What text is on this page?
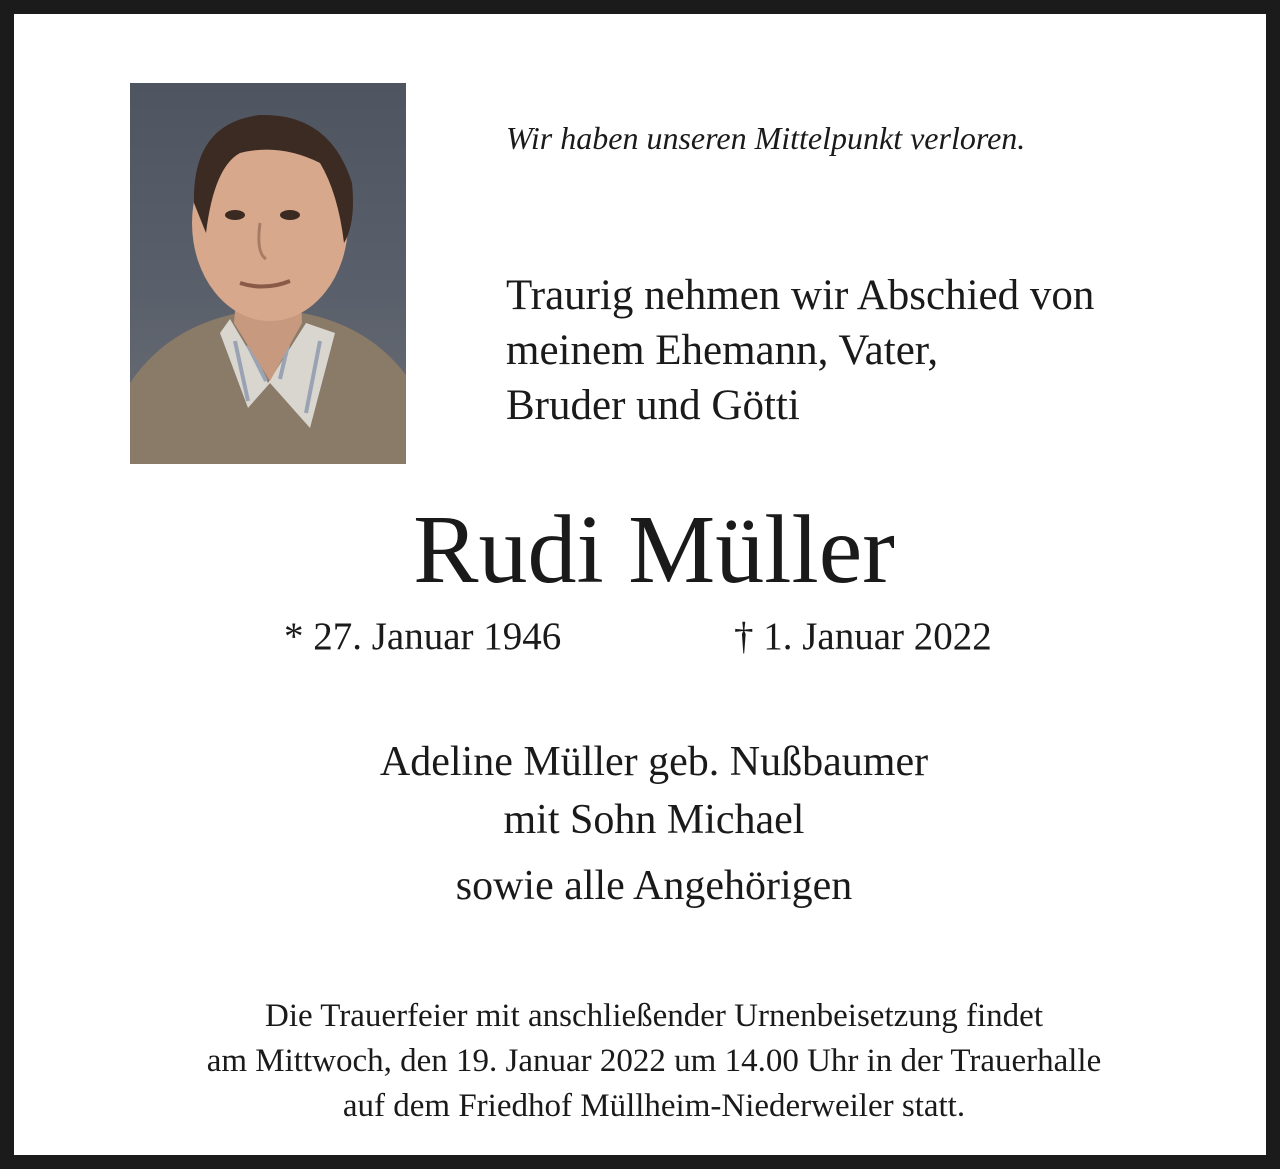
Wir haben unseren Mittelpunkt verloren.
Traurig nehmen wir Abschied von
meinem Ehemann, Vater,
Bruder und Götti
Rudi Müller
* 27. Januar 1946	† 1. Januar 2022
Adeline Müller geb. Nußbaumer
mit Sohn Michael
sowie alle Angehörigen
Die Trauerfeier mit anschließender Urnenbeisetzung findet
am Mittwoch, den 19. Januar 2022 um 14.00 Uhr in der Trauerhalle
auf dem Friedhof Müllheim-Niederweiler statt.
